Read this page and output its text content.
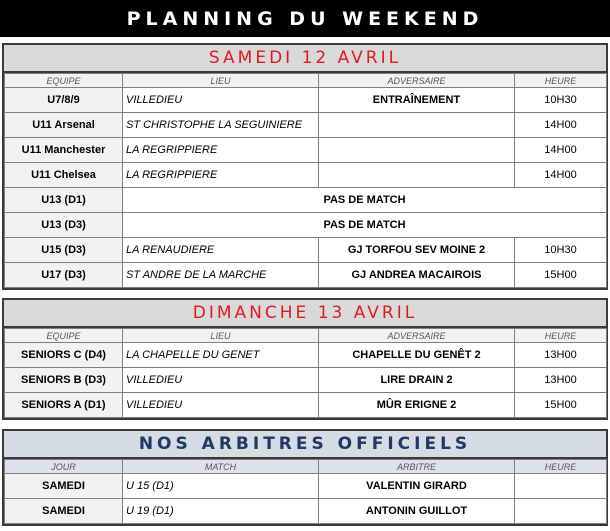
PLANNING DU WEEKEND
SAMEDI 12 AVRIL
EQUIPE	LIEU	ADVERSAIRE	HEURE
U7/8/9	VILLEDIEU	ENTRAÎNEMENT	10H30
U11 Arsenal	ST CHRISTOPHE LA SEGUINIERE		14H00
U11 Manchester	LA REGRIPPIERE		14H00
U11 Chelsea	LA REGRIPPIERE		14H00
U13 (D1)	PAS DE MATCH		
U13 (D3)	PAS DE MATCH		
U15 (D3)	LA RENAUDIERE	GJ TORFOU SEV MOINE 2	10H30
U17 (D3)	ST ANDRE DE LA MARCHE	GJ ANDREA MACAIROIS	15H00
DIMANCHE 13 AVRIL
EQUIPE	LIEU	ADVERSAIRE	HEURE
SENIORS C (D4)	LA CHAPELLE DU GENET	CHAPELLE DU GENÊT 2	13H00
SENIORS B (D3)	VILLEDIEU	LIRE DRAIN 2	13H00
SENIORS A (D1)	VILLEDIEU	MÛR ERIGNE 2	15H00
NOS ARBITRES OFFICIELS
JOUR	MATCH	ARBITRE	HEURE
SAMEDI	U 15 (D1)	VALENTIN GIRARD	
SAMEDI	U 19 (D1)	ANTONIN GUILLOT	
